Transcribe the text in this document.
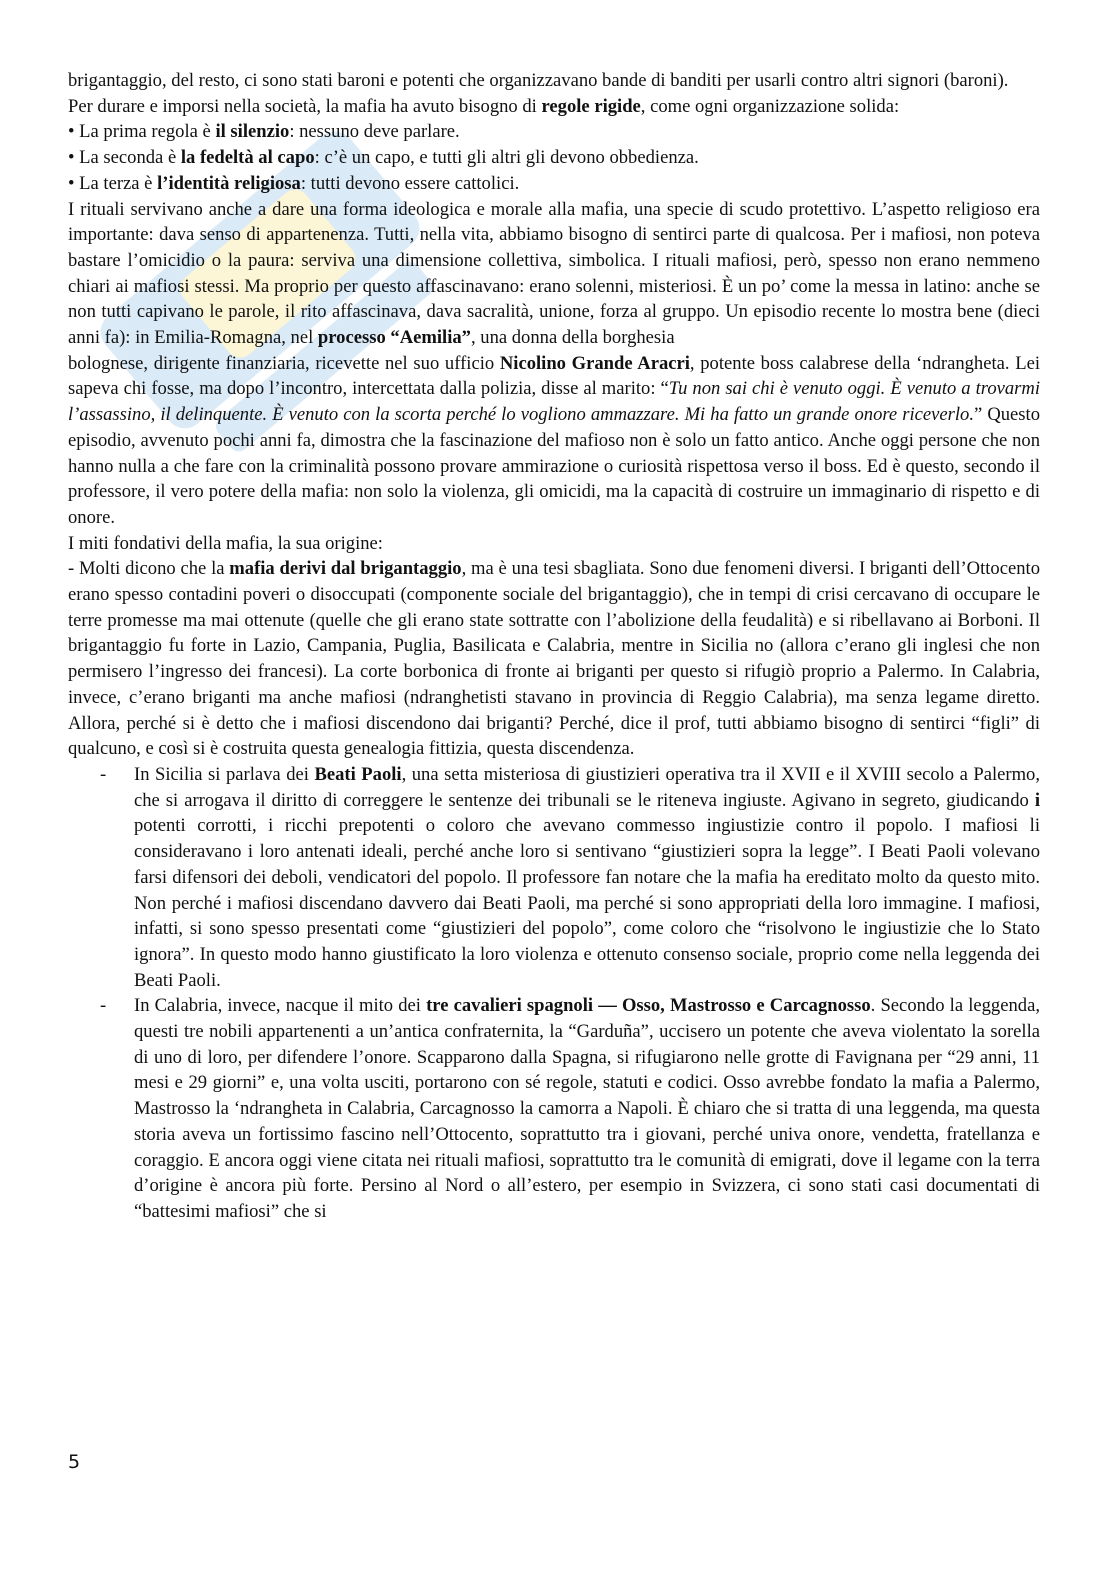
brigantaggio, del resto, ci sono stati baroni e potenti che organizzavano bande di banditi per usarli contro altri signori (baroni).

Per durare e imporsi nella società, la mafia ha avuto bisogno di regole rigide, come ogni organizzazione solida:

• La prima regola è il silenzio: nessuno deve parlare.

• La seconda è la fedeltà al capo: c’è un capo, e tutti gli altri gli devono obbedienza.

• La terza è l’identità religiosa: tutti devono essere cattolici.

I rituali servivano anche a dare una forma ideologica e morale alla mafia, una specie di scudo protettivo. L’aspetto religioso era importante: dava senso di appartenenza. Tutti, nella vita, abbiamo bisogno di sentirci parte di qualcosa. Per i mafiosi, non poteva bastare l’omicidio o la paura: serviva una dimensione collettiva, simbolica. I rituali mafiosi, però, spesso non erano nemmeno chiari ai mafiosi stessi. Ma proprio per questo affascinavano: erano solenni, misteriosi. È un po’ come la messa in latino: anche se non tutti capivano le parole, il rito affascinava, dava sacralità, unione, forza al gruppo. Un episodio recente lo mostra bene (dieci anni fa): in Emilia-Romagna, nel processo “Aemilia”, una donna della borghesia

bolognese, dirigente finanziaria, ricevette nel suo ufficio Nicolino Grande Aracri, potente boss calabrese della ‘ndrangheta. Lei sapeva chi fosse, ma dopo l’incontro, intercettata dalla polizia, disse al marito: “Tu non sai chi è venuto oggi. È venuto a trovarmi l’assassino, il delinquente. È venuto con la scorta perché lo vogliono ammazzare. Mi ha fatto un grande onore riceverlo.” Questo episodio, avvenuto pochi anni fa, dimostra che la fascinazione del mafioso non è solo un fatto antico. Anche oggi persone che non hanno nulla a che fare con la criminalità possono provare ammirazione o curiosità rispettosa verso il boss. Ed è questo, secondo il professore, il vero potere della mafia: non solo la violenza, gli omicidi, ma la capacità di costruire un immaginario di rispetto e di onore.

I miti fondativi della mafia, la sua origine:

- Molti dicono che la mafia derivi dal brigantaggio, ma è una tesi sbagliata. Sono due fenomeni diversi. I briganti dell’Ottocento erano spesso contadini poveri o disoccupati (componente sociale del brigantaggio), che in tempi di crisi cercavano di occupare le terre promesse ma mai ottenute (quelle che gli erano state sottratte con l’abolizione della feudalità) e si ribellavano ai Borboni. Il brigantaggio fu forte in Lazio, Campania, Puglia, Basilicata e Calabria, mentre in Sicilia no (allora c’erano gli inglesi che non permisero l’ingresso dei francesi). La corte borbonica di fronte ai briganti per questo si rifugiò proprio a Palermo. In Calabria, invece, c’erano briganti ma anche mafiosi (ndranghetisti stavano in provincia di Reggio Calabria), ma senza legame diretto. Allora, perché si è detto che i mafiosi discendono dai briganti? Perché, dice il prof, tutti abbiamo bisogno di sentirci “figli” di qualcuno, e così si è costruita questa genealogia fittizia, questa discendenza.

- In Sicilia si parlava dei Beati Paoli, una setta misteriosa di giustizieri operativa tra il XVII e il XVIII secolo a Palermo, che si arrogava il diritto di correggere le sentenze dei tribunali se le riteneva ingiuste. Agivano in segreto, giudicando i potenti corrotti, i ricchi prepotenti o coloro che avevano commesso ingiustizie contro il popolo. I mafiosi li consideravano i loro antenati ideali, perché anche loro si sentivano “giustizieri sopra la legge”. I Beati Paoli volevano farsi difensori dei deboli, vendicatori del popolo. Il professore fan notare che la mafia ha ereditato molto da questo mito. Non perché i mafiosi discendano davvero dai Beati Paoli, ma perché si sono appropriati della loro immagine. I mafiosi, infatti, si sono spesso presentati come “giustizieri del popolo”, come coloro che “risolvono le ingiustizie che lo Stato ignora”. In questo modo hanno giustificato la loro violenza e ottenuto consenso sociale, proprio come nella leggenda dei Beati Paoli.

- In Calabria, invece, nacque il mito dei tre cavalieri spagnoli — Osso, Mastrosso e Carcagnosso. Secondo la leggenda, questi tre nobili appartenenti a un’antica confraternita, la “Garduña”, uccisero un potente che aveva violentato la sorella di uno di loro, per difendere l’onore. Scapparono dalla Spagna, si rifugiarono nelle grotte di Favignana per “29 anni, 11 mesi e 29 giorni” e, una volta usciti, portarono con sé regole, statuti e codici. Osso avrebbe fondato la mafia a Palermo, Mastrosso la ‘ndrangheta in Calabria, Carcagnosso la camorra a Napoli. È chiaro che si tratta di una leggenda, ma questa storia aveva un fortissimo fascino nell’Ottocento, soprattutto tra i giovani, perché univa onore, vendetta, fratellanza e coraggio. E ancora oggi viene citata nei rituali mafiosi, soprattutto tra le comunità di emigrati, dove il legame con la terra d’origine è ancora più forte. Persino al Nord o all’estero, per esempio in Svizzera, ci sono stati casi documentati di “battesimi mafiosi” che si

5
